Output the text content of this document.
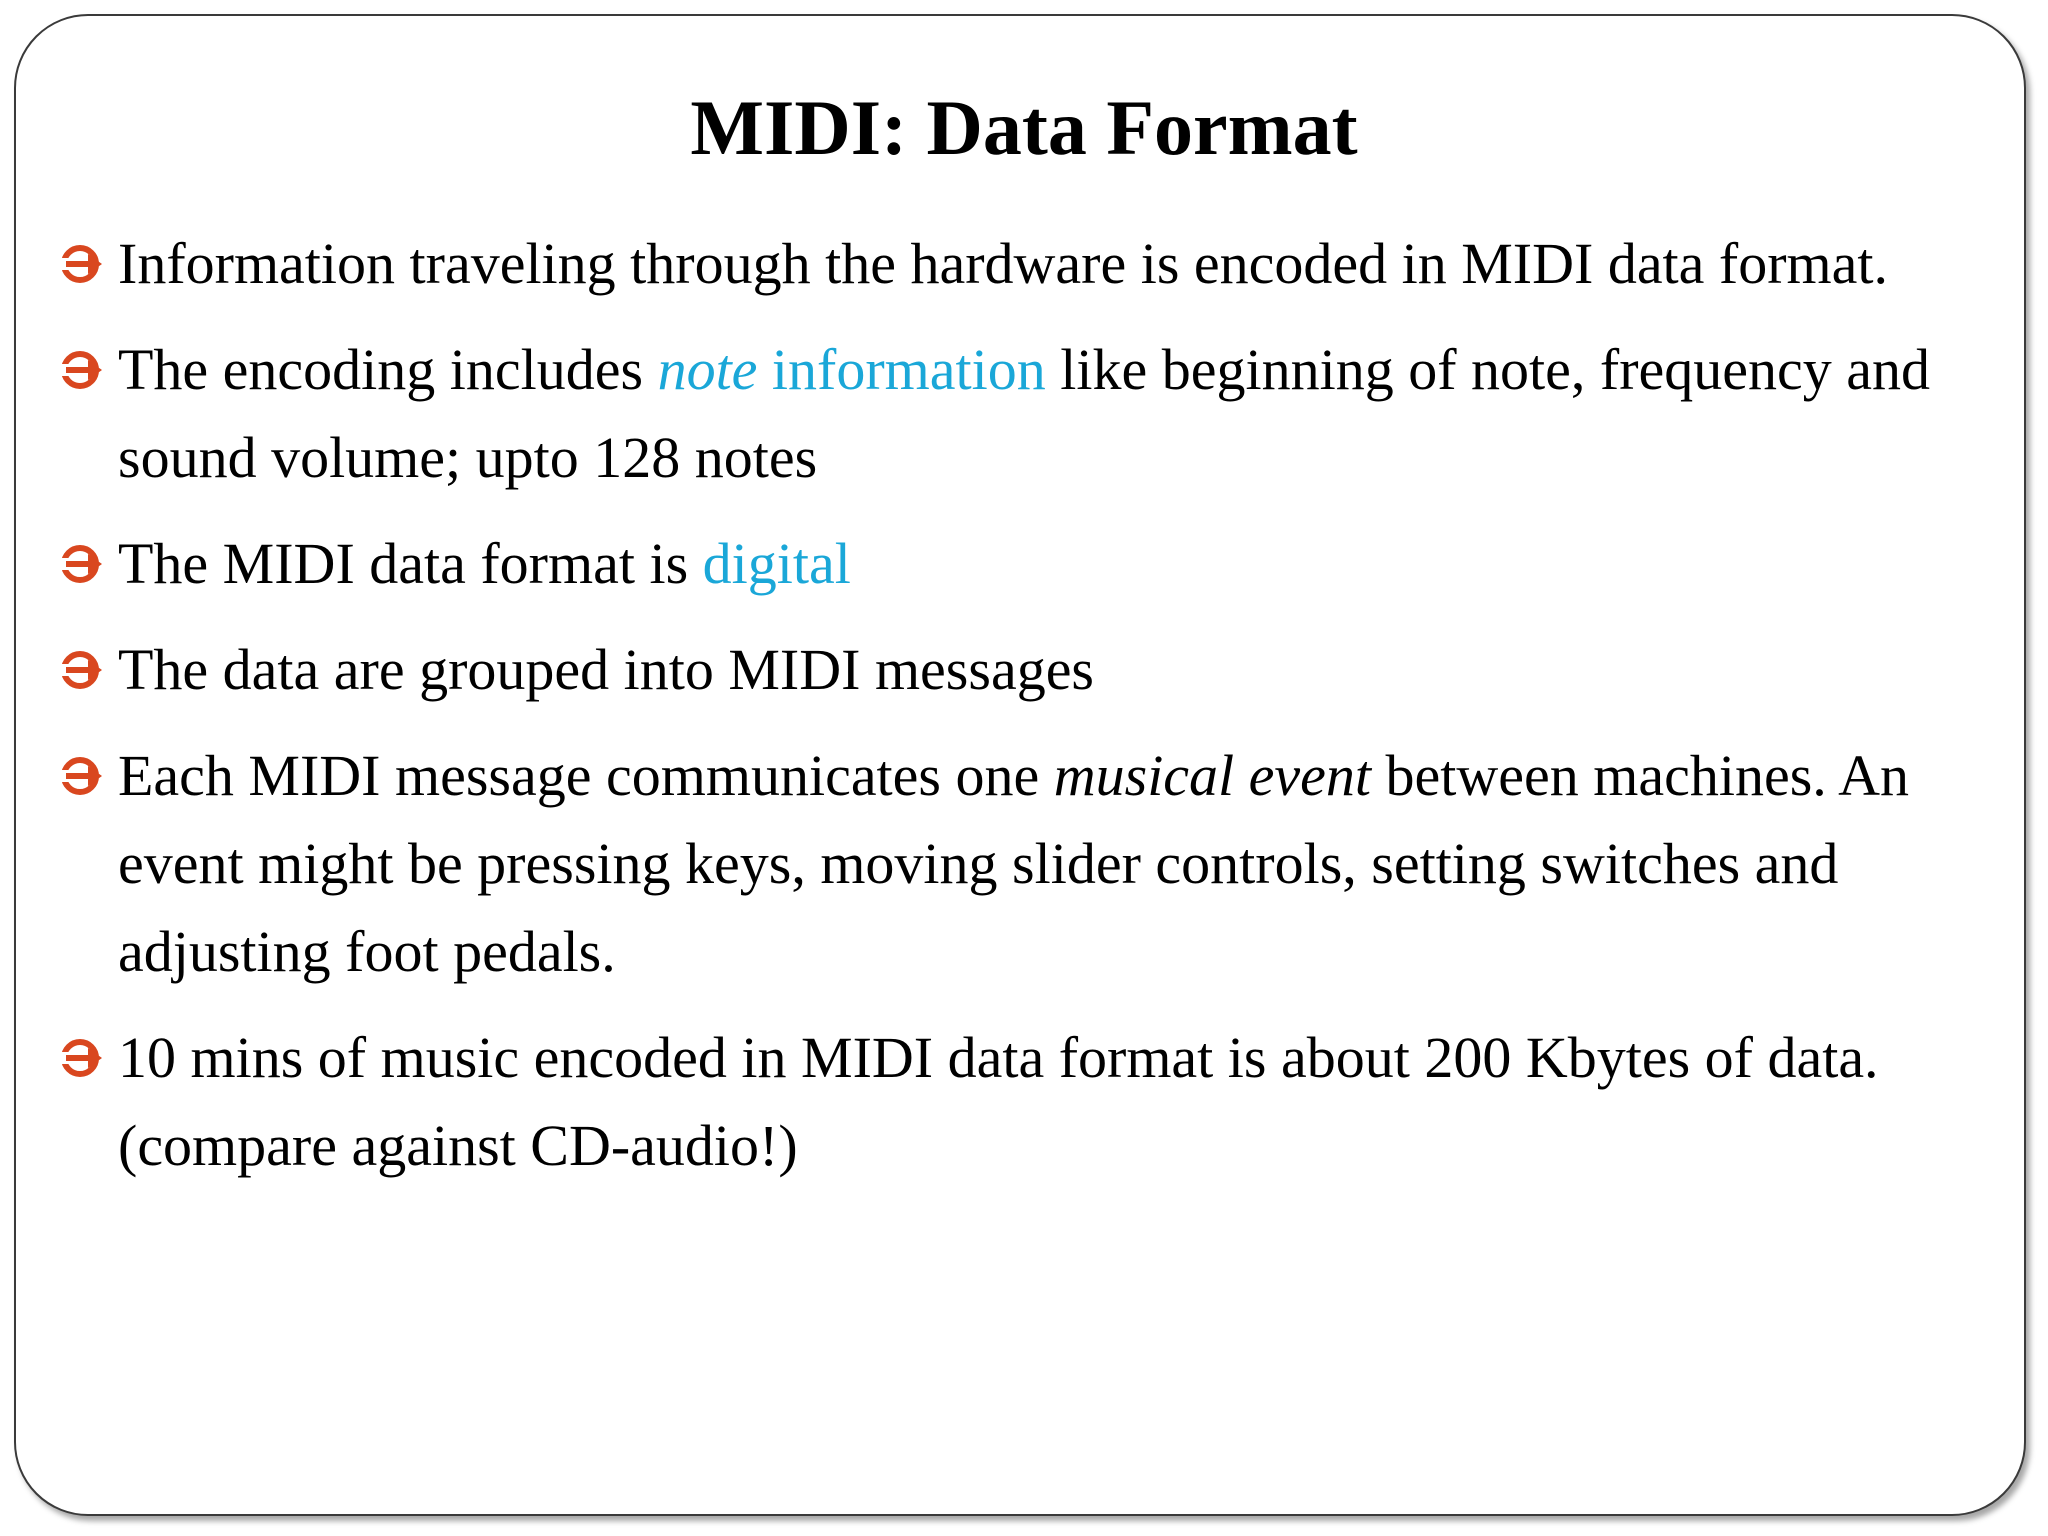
MIDI: Data Format
Information traveling through the hardware is encoded in MIDI data format.
The encoding includes note information like beginning of note, frequency and sound volume; upto 128 notes
The MIDI data format is digital
The data are grouped into MIDI messages
Each MIDI message communicates one musical event between machines. An event might be pressing keys, moving slider controls, setting switches and adjusting foot pedals.
10 mins of music encoded in MIDI data format is about 200 Kbytes of data. (compare against CD-audio!)
